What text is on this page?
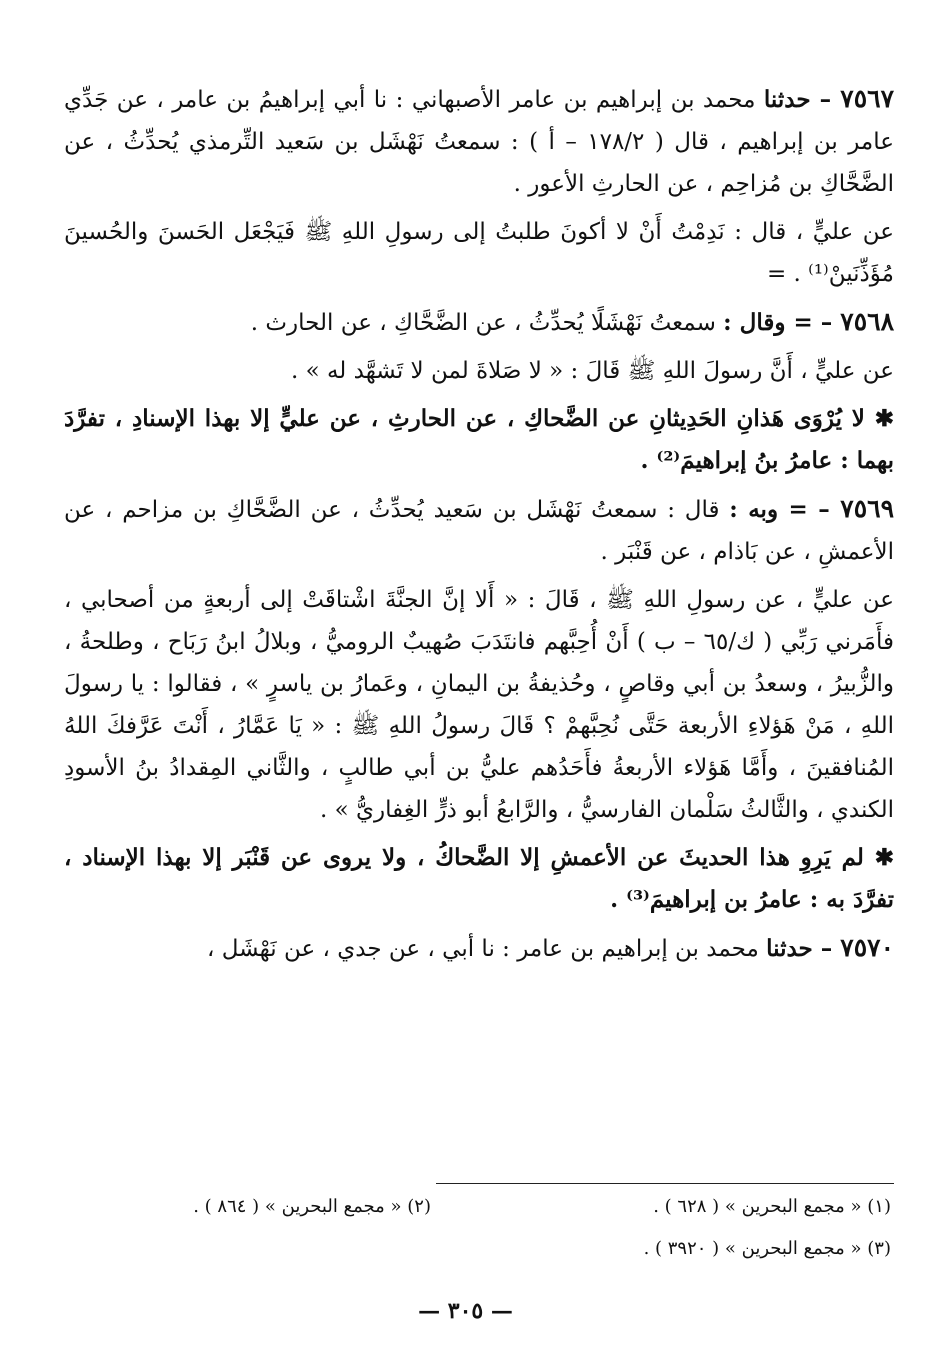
٧٥٦٧ – حدثنا محمد بن إبراهيم بن عامر الأصبهاني : نا أبي إبراهيمُ بن عامر ، عن جَدِّي عامر بن إبراهيم ، قال ( ١٧٨/٢ – أ ) : سمعتُ نَهْشَل بن سَعيد التِّرمذي يُحدِّثُ ، عن الضَّحَّاكِ بن مُزاحِم ، عن الحارثِ الأعور .

عن عليٍّ ، قال : نَدِمْتُ أَنْ لا أكونَ طلبتُ إلى رسولِ اللهِ ﷺ فَيَجْعَل الحَسنَ والحُسينَ مُؤَذِّنَينْ⁽¹⁾ . =

٧٥٦٨ – = وقال : سمعتُ نَهْشَلًا يُحدِّثُ ، عن الضَّحَّاكِ ، عن الحارث .

عن عليٍّ ، أَنَّ رسولَ اللهِ ﷺ قَالَ : « لا صَلاةَ لمن لا تَشهَّد له » .

✱ لا يُرْوَى هَذانِ الحَدِيثانِ عن الضَّحاكِ ، عن الحارثِ ، عن عليٍّ إلا بهذا الإسنادِ ، تفرَّدَ بهما : عامرُ بنُ إبراهيمَ⁽²⁾ .

٧٥٦٩ – = وبه : قال : سمعتُ نَهْشَل بن سَعيد يُحدِّثُ ، عن الضَّحَّاكِ بن مزاحم ، عن الأعمشِ ، عن بَاذام ، عن قَنْبَر .

عن عليٍّ ، عن رسولِ اللهِ ﷺ ، قَالَ : « أَلا إنَّ الجنَّةَ اشْتاقَتْ إلى أربعةٍ من أصحابي ، فأَمَرني رَبِّي ( ك/٦٥ – ب ) أَنْ أُحِبَّهم فانتَدَبَ صُهيبٌ الروميُّ ، وبلالُ ابنُ رَبَاح ، وطلحةُ ، والزُّبيرُ ، وسعدُ بن أبي وقاصٍ ، وحُذيفةُ بن اليمانِ ، وعَمارُ بن ياسرٍ » ، فقالوا : يا رسولَ اللهِ ، مَنْ هَؤلاءِ الأربعة حَتَّى نُحِبَّهمْ ؟ قَالَ رسولُ اللهِ ﷺ : « يَا عَمَّارُ ، أَنْتَ عَرَّفكَ اللهُ المُنافقينَ ، وأَمَّا هَؤلاء الأربعةُ فأَحَدُهم عليُّ بن أبي طالبٍ ، والثَّاني المِقدادُ بنُ الأسودِ الكندي ، والثَّالثُ سَلْمان الفارسيُّ ، والرَّابعُ أبو ذرٍّ الغِفاريُّ » .

✱ لم يَرِوِ هذا الحديثَ عن الأعمشِ إلا الضَّحاكُ ، ولا يروى عن قَنْبَر إلا بهذا الإسناد ، تفرَّدَ به : عامرُ بن إبراهيمَ⁽³⁾ .

٧٥٧٠ – حدثنا محمد بن إبراهيم بن عامر : نا أبي ، عن جدي ، عن نَهْشَل ،

(١) « مجمع البحرين » ( ٦٢٨ ) .
(٢) « مجمع البحرين » ( ٨٦٤ ) .
(٣) « مجمع البحرين » ( ٣٩٢٠ ) .
— ٣٠٥ —
